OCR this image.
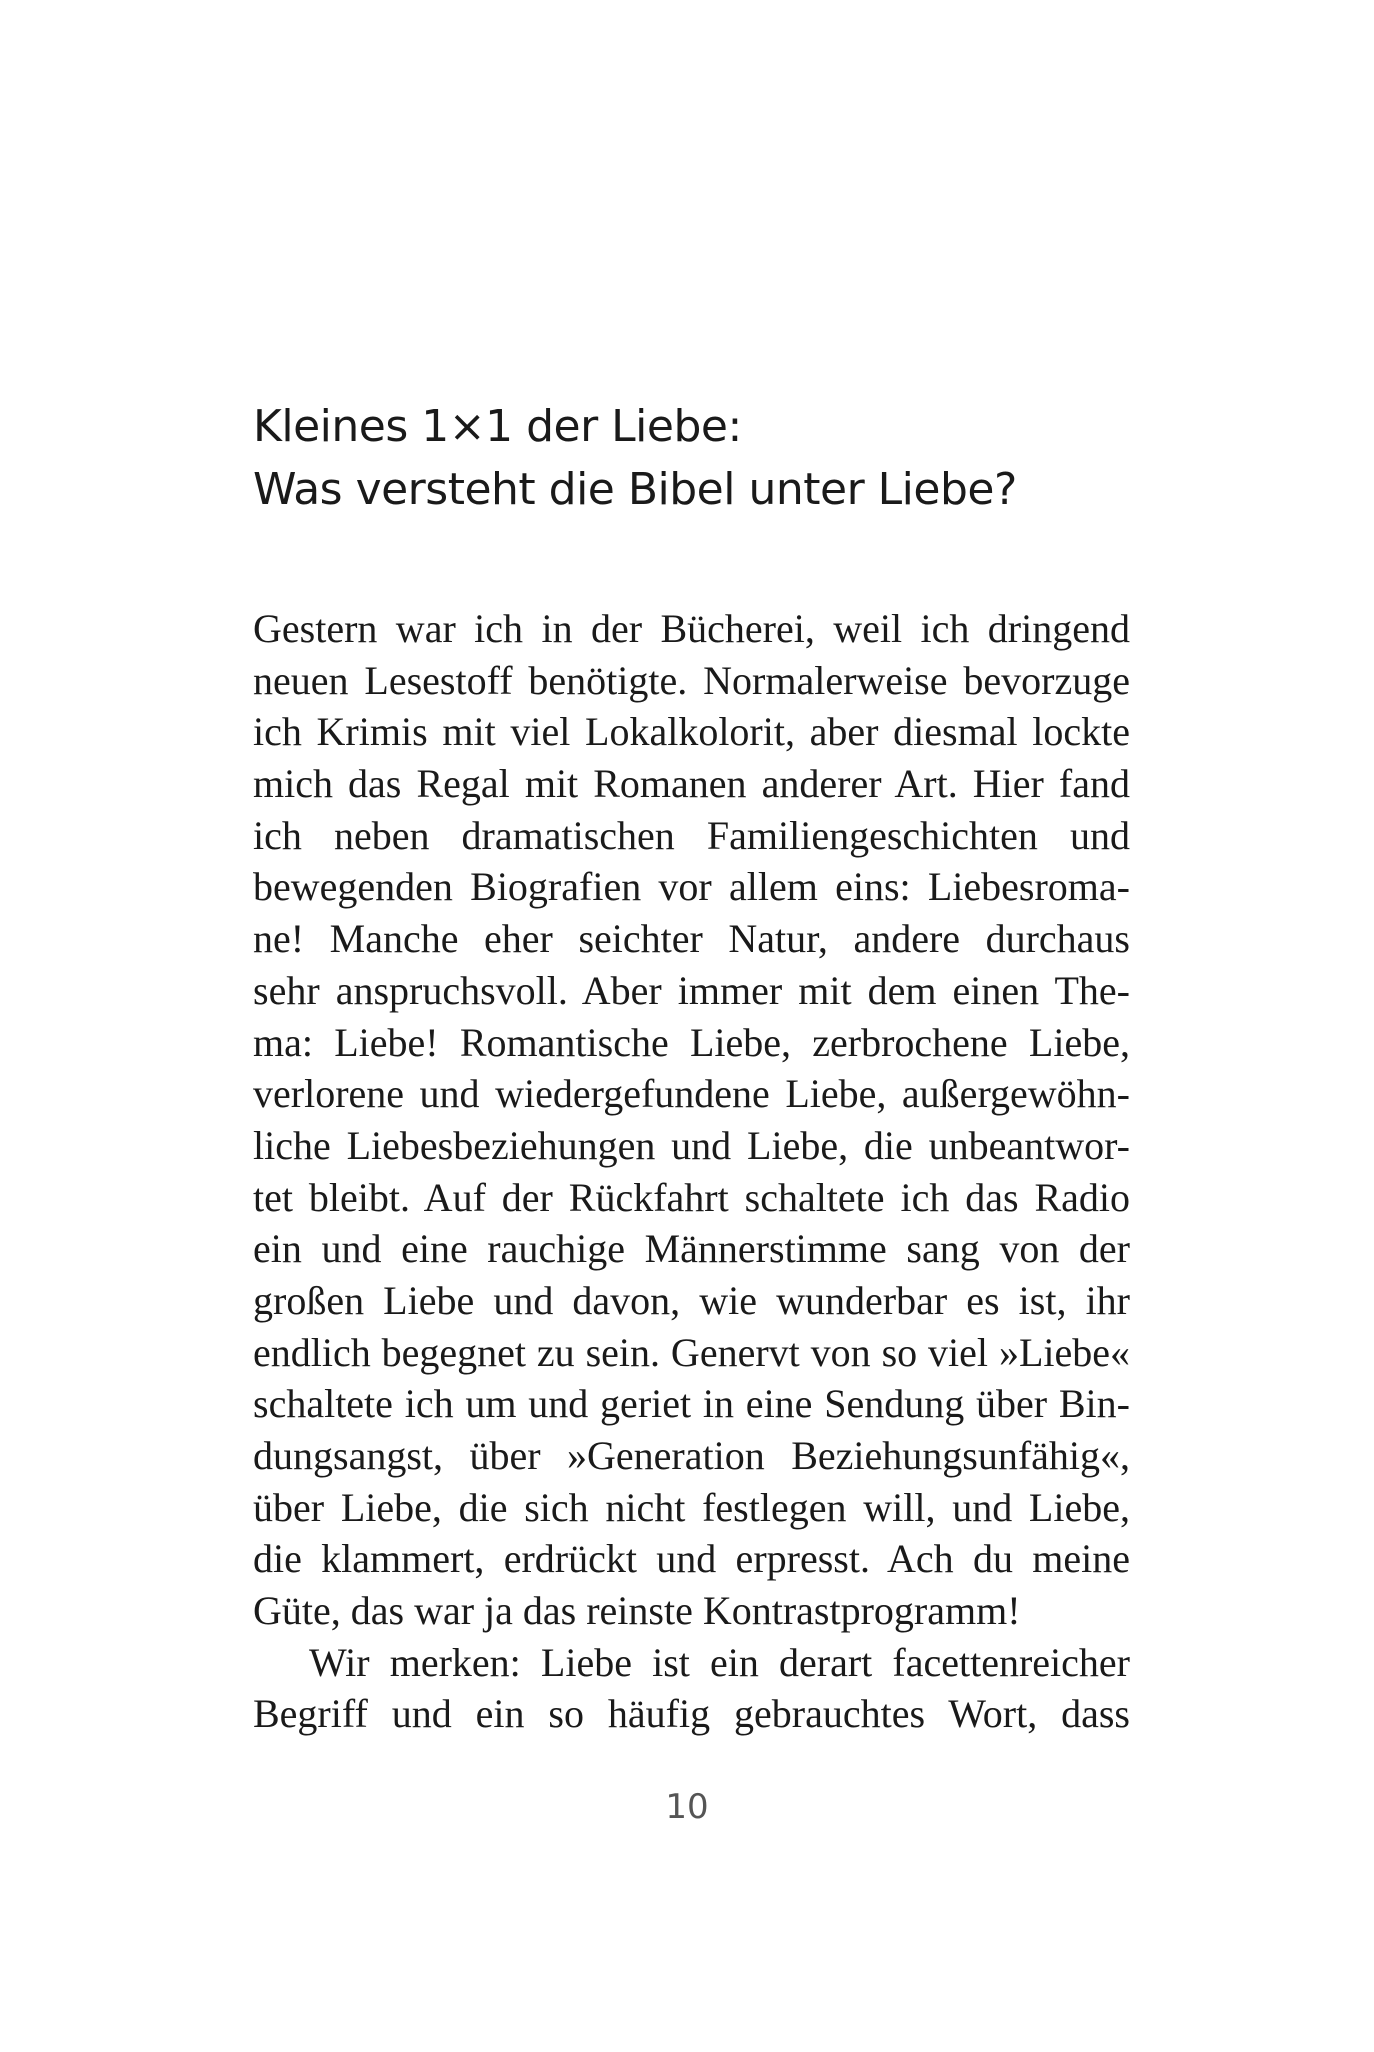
Kleines 1×1 der Liebe:
Was versteht die Bibel unter Liebe?
Gestern war ich in der Bücherei, weil ich dringend
neuen Lesestoff benötigte. Normalerweise bevorzuge
ich Krimis mit viel Lokalkolorit, aber diesmal lockte
mich das Regal mit Romanen anderer Art. Hier fand
ich neben dramatischen Familiengeschichten und
bewegenden Biografien vor allem eins: Liebesroma-
ne! Manche eher seichter Natur, andere durchaus
sehr anspruchsvoll. Aber immer mit dem einen The-
ma: Liebe! Romantische Liebe, zerbrochene Liebe,
verlorene und wiedergefundene Liebe, außergewöhn-
liche Liebesbeziehungen und Liebe, die unbeantwor-
tet bleibt. Auf der Rückfahrt schaltete ich das Radio
ein und eine rauchige Männerstimme sang von der
großen Liebe und davon, wie wunderbar es ist, ihr
endlich begegnet zu sein. Genervt von so viel »Liebe«
schaltete ich um und geriet in eine Sendung über Bin-
dungsangst, über »Generation Beziehungsunfähig«,
über Liebe, die sich nicht festlegen will, und Liebe,
die klammert, erdrückt und erpresst. Ach du meine
Güte, das war ja das reinste Kontrastprogramm!
Wir merken: Liebe ist ein derart facettenreicher
Begriff und ein so häufig gebrauchtes Wort, dass
10
